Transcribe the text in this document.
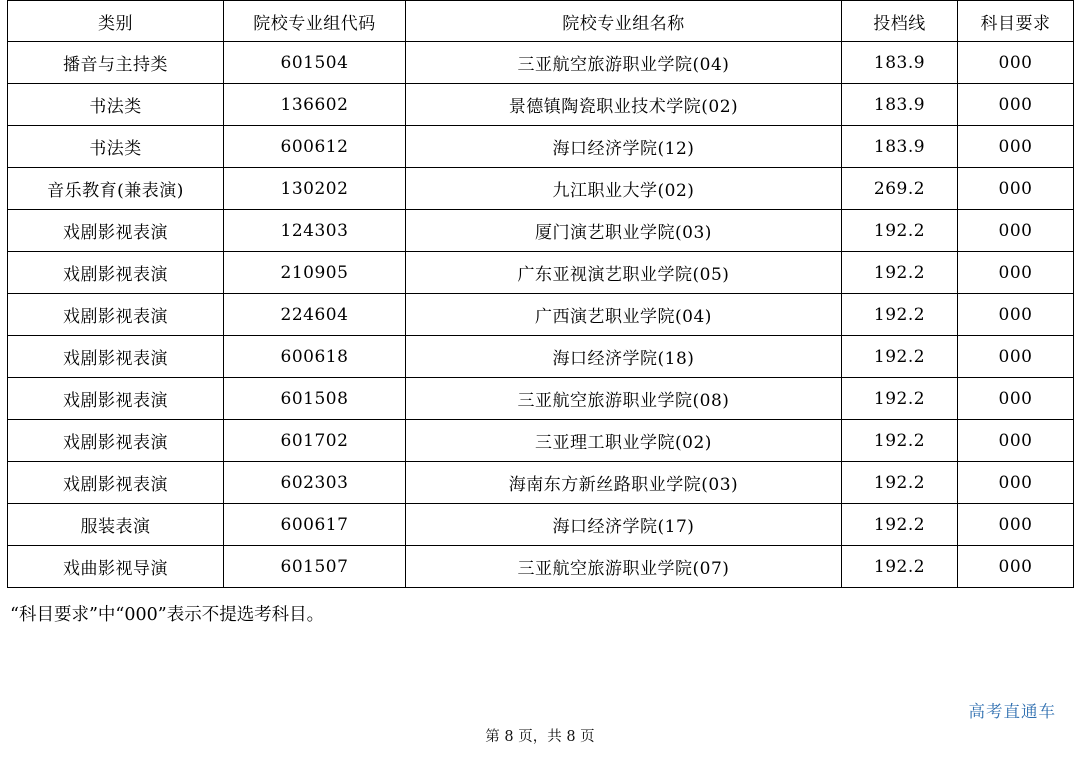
类别	院校专业组代码	院校专业组名称	投档线	科目要求
播音与主持类	601504	三亚航空旅游职业学院(04)	183.9	000
书法类	136602	景德镇陶瓷职业技术学院(02)	183.9	000
书法类	600612	海口经济学院(12)	183.9	000
音乐教育(兼表演)	130202	九江职业大学(02)	269.2	000
戏剧影视表演	124303	厦门演艺职业学院(03)	192.2	000
戏剧影视表演	210905	广东亚视演艺职业学院(05)	192.2	000
戏剧影视表演	224604	广西演艺职业学院(04)	192.2	000
戏剧影视表演	600618	海口经济学院(18)	192.2	000
戏剧影视表演	601508	三亚航空旅游职业学院(08)	192.2	000
戏剧影视表演	601702	三亚理工职业学院(02)	192.2	000
戏剧影视表演	602303	海南东方新丝路职业学院(03)	192.2	000
服装表演	600617	海口经济学院(17)	192.2	000
戏曲影视导演	601507	三亚航空旅游职业学院(07)	192.2	000
“科目要求”中“000”表示不提选考科目。
第 8 页，共 8 页
高考直通车
